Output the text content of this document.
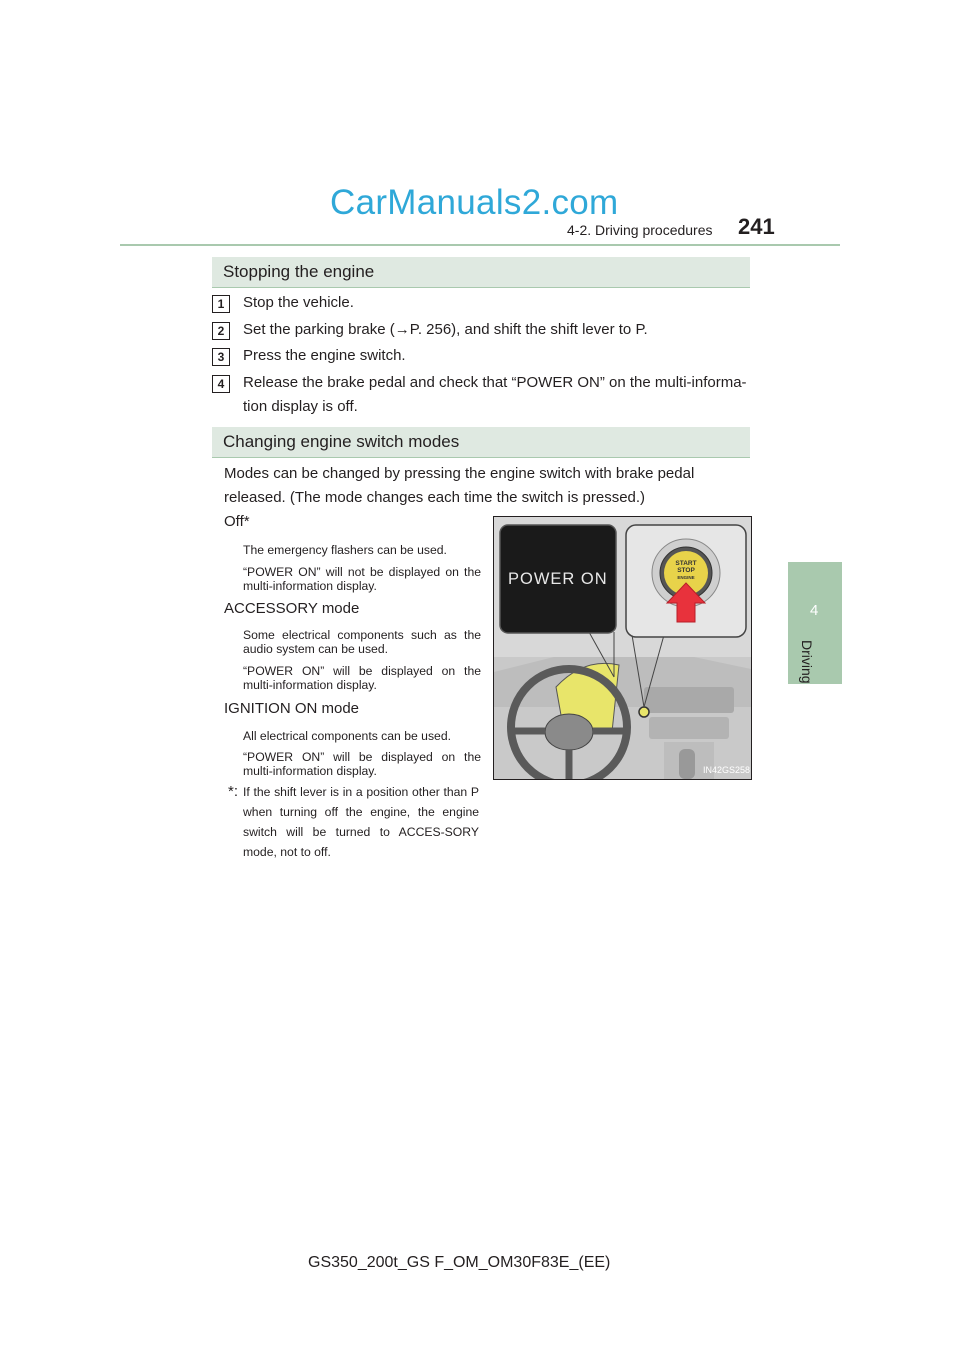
CarManuals2.com
4-2. Driving procedures 241
4
Driving
Stopping the engine
1	Stop the vehicle.
2	Set the parking brake (→P. 256), and shift the shift lever to P.
3	Press the engine switch.
4	Release the brake pedal and check that “POWER ON” on the multi-informa-tion display is off.
Changing engine switch modes
Modes can be changed by pressing the engine switch with brake pedal released. (The mode changes each time the switch is pressed.)
Off*
The emergency flashers can be used.
“POWER ON” will not be displayed on the multi-information display.
ACCESSORY mode
Some electrical components such as the audio system can be used.
“POWER ON” will be displayed on the multi-information display.
IGNITION ON mode
All electrical components can be used.
“POWER ON” will be displayed on the multi-information display.
*: If the shift lever is in a position other than P when turning off the engine, the engine switch will be turned to ACCES-SORY mode, not to off.
POWER ON
START
STOP
ENGINE
IN42GS258
GS350_200t_GS F_OM_OM30F83E_(EE)
